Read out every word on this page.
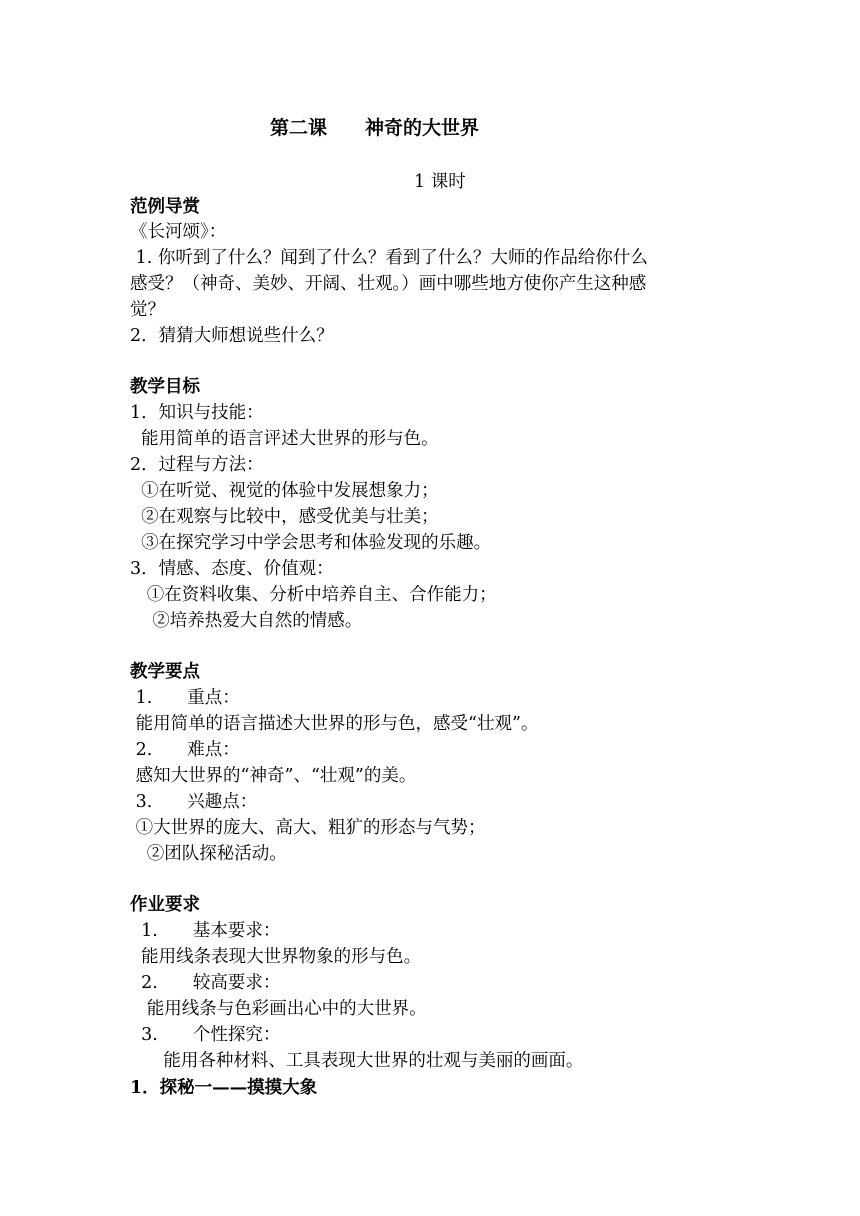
第二课　　神奇的大世界
1 课时
范例导赏
《长河颂》：
1. 你听到了什么？闻到了什么？看到了什么？大师的作品给你什么
感受？（神奇、美妙、开阔、壮观。）画中哪些地方使你产生这种感
觉？
2．猜猜大师想说些什么？
教学目标
1．知识与技能：
能用简单的语言评述大世界的形与色。
2．过程与方法：
①在听觉、视觉的体验中发展想象力；
②在观察与比较中，感受优美与壮美；
③在探究学习中学会思考和体验发现的乐趣。
3．情感、态度、价值观：
①在资料收集、分析中培养自主、合作能力；
②培养热爱大自然的情感。
教学要点
1.　　重点：
能用简单的语言描述大世界的形与色，感受“壮观”。
2.　　难点：
感知大世界的“神奇”、“壮观”的美。
3.　　兴趣点：
①大世界的庞大、高大、粗犷的形态与气势；
②团队探秘活动。
作业要求
1.　　基本要求：
能用线条表现大世界物象的形与色。
2.　　较高要求：
能用线条与色彩画出心中的大世界。
3.　　个性探究：
能用各种材料、工具表现大世界的壮观与美丽的画面。
1．探秘一——摸摸大象
